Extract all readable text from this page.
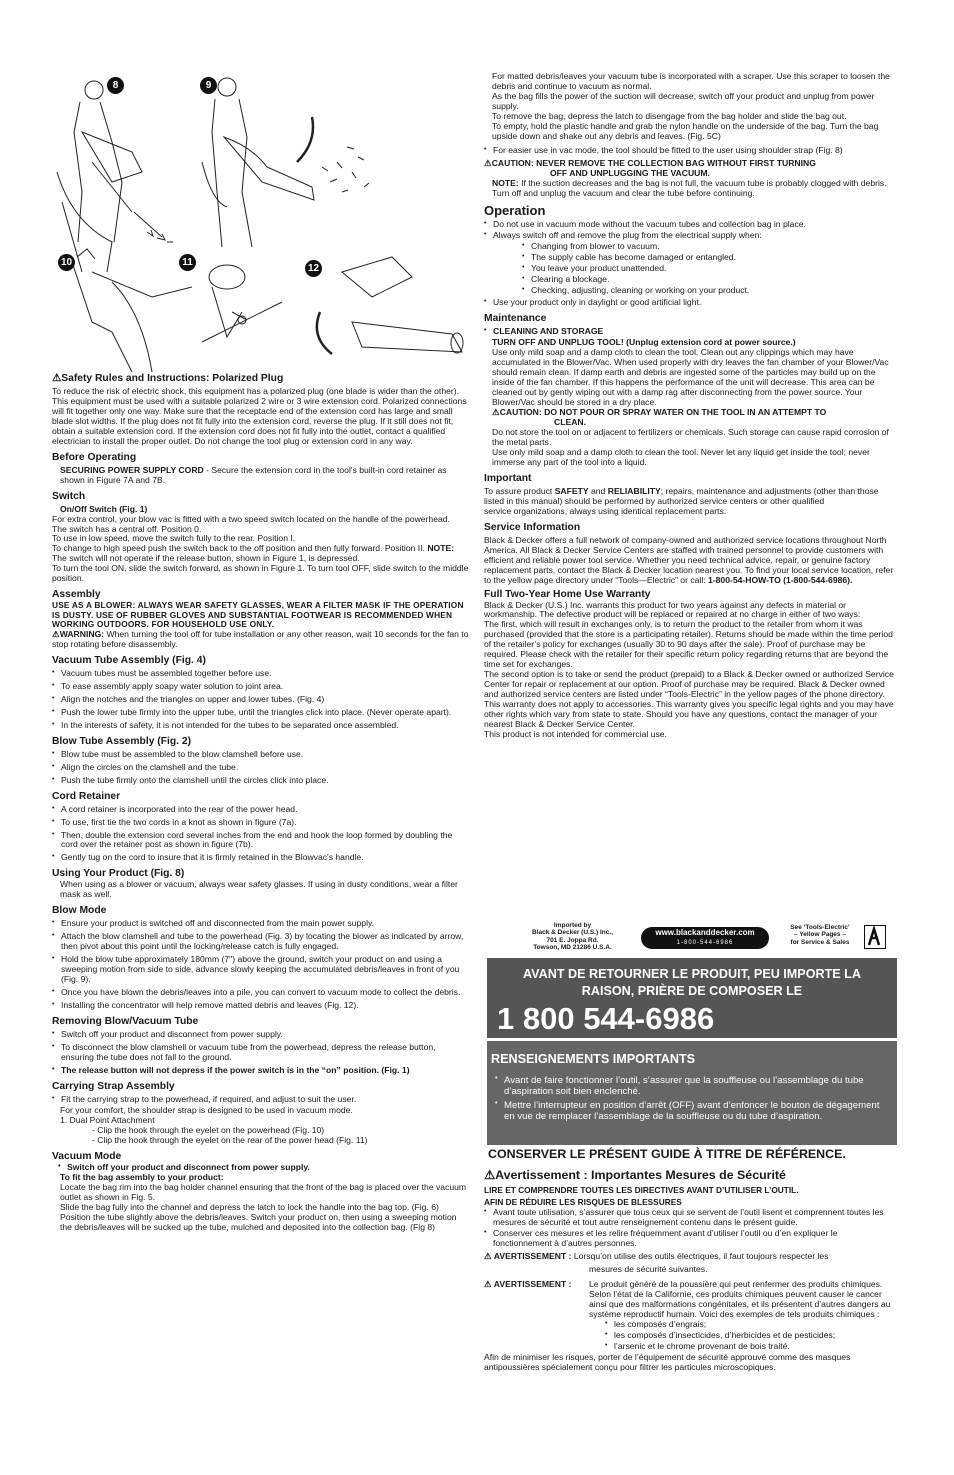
8	9
10	11
12
⚠Safety Rules and Instructions: Polarized Plug

To reduce the risk of electric shock, this equipment has a polarized plug (one blade is wider than the other). This equipment must be used with a suitable polarized 2 wire or 3 wire extension cord. Polarized connections will fit together only one way. Make sure that the receptacle end of the extension cord has large and small blade slot widths. If the plug does not fit fully into the extension cord, reverse the plug. If it still does not fit, obtain a suitable extension cord. If the extension cord does not fit fully into the outlet, contact a qualified electrician to install the proper outlet. Do not change the tool plug or extension cord in any way.

Before Operating

SECURING POWER SUPPLY CORD - Secure the extension cord in the tool's built-in cord retainer as shown in Figure 7A and 7B.

Switch

On/Off Switch (Fig. 1)

For extra control, your blow vac is fitted with a two speed switch located on the handle of the powerhead.

The switch has a central off. Position 0.

To use in low speed, move the switch fully to the rear. Position I.

To change to high speed push the switch back to the off position and then fully forward. Position II. NOTE: The switch will not operate if the release button, shown in Figure 1, is depressed.

To turn the tool ON, slide the switch forward, as shown in Figure 1. To turn tool OFF, slide switch to the middle position.

Assembly

USE AS A BLOWER: ALWAYS WEAR SAFETY GLASSES, WEAR A FILTER MASK IF THE OPERATION IS DUSTY. USE OF RUBBER GLOVES AND SUBSTANTIAL FOOTWEAR IS RECOMMENDED WHEN WORKING OUTDOORS. FOR HOUSEHOLD USE ONLY.

⚠WARNING: When turning the tool off for tube installation or any other reason, wait 10 seconds for the fan to stop rotating before disassembly.

Vacuum Tube Assembly (Fig. 4)
• Vacuum tubes must be assembled together before use.
• To ease assembly apply soapy water solution to joint area.
• Align the notches and the triangles on upper and lower tubes. (Fig. 4)
• Push the lower tube firmly into the upper tube, until the triangles click into place. (Never operate apart).
• In the interests of safety, it is not intended for the tubes to be separated once assembled.
Blow Tube Assembly (Fig. 2)
• Blow tube must be assembled to the blow clamshell before use.
• Align the circles on the clamshell and the tube.
• Push the tube firmly onto the clamshell until the circles click into place.
Cord Retainer
• A cord retainer is incorporated into the rear of the power head.
• To use, first tie the two cords in a knot as shown in figure (7a).
• Then, double the extension cord several inches from the end and hook the loop formed by doubling the cord over the retainer post as shown in figure (7b).
• Gently tug on the cord to insure that it is firmly retained in the Blowvac's handle.
Using Your Product (Fig. 8)

When using as a blower or vacuum, always wear safety glasses. If using in dusty conditions, wear a filter mask as well.

Blow Mode
• Ensure your product is switched off and disconnected from the main power supply.
• Attach the blow clamshell and tube to the powerhead (Fig. 3) by locating the blower as indicated by arrow, then pivot about this point until the locking/release catch is fully engaged.
• Hold the blow tube approximately 180mm (7") above the ground, switch your product on and using a sweeping motion from side to side, advance slowly keeping the accumulated debris/leaves in front of you (Fig. 9).
• Once you have blown the debris/leaves into a pile, you can convert to vacuum mode to collect the debris.
• Installing the concentrator will help remove matted debris and leaves (Fig. 12).
Removing Blow/Vacuum Tube
• Switch off your product and disconnect from power supply.
• To disconnect the blow clamshell or vacuum tube from the powerhead, depress the release button, ensuring the tube does not fall to the ground.
• The release button will not depress if the power switch is in the “on” position. (Fig. 1)
Carrying Strap Assembly
• Fit the carrying strap to the powerhead, if required, and adjust to suit the user.

For your comfort, the shoulder strap is designed to be used in vacuum mode.

1. Dual Point Attachment

- Clip the hook through the eyelet on the powerhead (Fig. 10)

- Clip the hook through the eyelet on the rear of the power head (Fig. 11)

Vacuum Mode
• Switch off your product and disconnect from power supply.

To fit the bag assembly to your product:

Locate the bag rim into the bag holder channel ensuring that the front of the bag is placed over the vacuum outlet as shown in Fig. 5.

Slide the bag fully into the channel and depress the latch to lock the handle into the bag top. (Fig. 6)

Position the tube slightly above the debris/leaves. Switch your product on, then using a sweeping motion the debris/leaves will be sucked up the tube, mulched and deposited into the collection bag. (Fig 8)

For matted debris/leaves your vacuum tube is incorporated with a scraper. Use this scraper to loosen the debris and continue to vacuum as normal.

As the bag fills the power of the suction will decrease, switch off your product and unplug from power supply.

To remove the bag, depress the latch to disengage from the bag holder and slide the bag out.

To empty, hold the plastic handle and grab the nylon handle on the underside of the bag. Turn the bag upside down and shake out any debris and leaves. (Fig. 5C)

• For easier use in vac mode, the tool should be fitted to the user using shoulder strap (Fig. 8)

⚠CAUTION: NEVER REMOVE THE COLLECTION BAG WITHOUT FIRST TURNING

OFF AND UNPLUGGING THE VACUUM.

NOTE: If the suction decreases and the bag is not full, the vacuum tube is probably clogged with debris. Turn off and unplug the vacuum and clear the tube before continuing.

Operation
• Do not use in vacuum mode without the vacuum tubes and collection bag in place.
• Always switch off and remove the plug from the electrical supply when:
• Changing from blower to vacuum.
• The supply cable has become damaged or entangled.
• You leave your product unattended.
• Clearing a blockage.
• Checking, adjusting, cleaning or working on your product.
• Use your product only in daylight or good artificial light.
Maintenance
• CLEANING AND STORAGE

TURN OFF AND UNPLUG TOOL! (Unplug extension cord at power source.)

Use only mild soap and a damp cloth to clean the tool. Clean out any clippings which may have accumulated in the Blower/Vac. When used properly with dry leaves the fan chamber of your Blower/Vac should remain clean. If damp earth and debris are ingested some of the particles may build up on the inside of the fan chamber. If this happens the performance of the unit will decrease. This area can be cleaned out by gently wiping out with a damp rag after disconnecting from the power source. Your Blower/Vac should be stored in a dry place.

⚠CAUTION: DO NOT POUR OR SPRAY WATER ON THE TOOL IN AN ATTEMPT TO

CLEAN.

Do not store the tool on or adjacent to fertilizers or chemicals. Such storage can cause rapid corrosion of the metal parts.

Use only mild soap and a damp cloth to clean the tool. Never let any liquid get inside the tool; never immerse any part of the tool into a liquid.

Important

To assure product SAFETY and RELIABILITY; repairs, maintenance and adjustments (other than those listed in this manual) should be performed by authorized service centers or other qualified

service organizations, always using identical replacement parts.

Service Information

Black & Decker offers a full network of company-owned and authorized service locations throughout North America. All Black & Decker Service Centers are staffed with trained personnel to provide customers with efficient and reliable power tool service. Whether you need technical advice, repair, or genuine factory replacement parts, contact the Black & Decker location nearest you. To find your local service location, refer to the yellow page directory under “Tools—Electric” or call: 1-800-54-HOW-TO (1-800-544-6986).

Full Two-Year Home Use Warranty

Black & Decker (U.S.) Inc. warrants this product for two years against any defects in material or workmanship. The defective product will be replaced or repaired at no charge in either of two ways:

The first, which will result in exchanges only, is to return the product to the retailer from whom it was purchased (provided that the store is a participating retailer). Returns should be made within the time period of the retailer’s policy for exchanges (usually 30 to 90 days after the sale). Proof of purchase may be required. Please check with the retailer for their specific return policy regarding returns that are beyond the time set for exchanges.

The second option is to take or send the product (prepaid) to a Black & Decker owned or authorized Service Center for repair or replacement at our option. Proof of purchase may be required. Black & Decker owned and authorized service centers are listed under “Tools-Electric” in the yellow pages of the phone directory.

This warranty does not apply to accessories. This warranty gives you specific legal rights and you may have other rights which vary from state to state. Should you have any questions, contact the manager of your nearest Black & Decker Service Center.

This product is not intended for commercial use.

Imported by
Black & Decker (U.S.) Inc.,
701 E. Joppa Rd.
Towson, MD 21286 U.S.A.
www.blackanddecker.com
1-800-544-6986
See ‘Tools-Electric’
– Yellow Pages –
for Service & Sales
AVANT DE RETOURNER LE PRODUIT, PEU IMPORTE LA
RAISON, PRIÈRE DE COMPOSER LE
1 800 544-6986
RENSEIGNEMENTS IMPORTANTS
• Avant de faire fonctionner l’outil, s’assurer que la souffleuse ou l’assemblage du tube d’aspiration soit bien enclenché.
• Mettre l’interrupteur en position d’arrêt (OFF) avant d’enfoncer le bouton de dégagement en vue de remplacer l’assemblage de la souffleuse ou du tube d’aspiration.
CONSERVER LE PRÉSENT GUIDE À TITRE DE RÉFÉRENCE.
⚠Avertissement : Importantes Mesures de Sécurité
LIRE ET COMPRENDRE TOUTES LES DIRECTIVES AVANT D’UTILISER L’OUTIL.
AFIN DE RÉDUIRE LES RISQUES DE BLESSURES
• Avant toute utilisation, s’assurer que tous ceux qui se servent de l’outil lisent et comprennent toutes les mesures de sécurité et tout autre renseignement contenu dans le présent guide.
• Conserver ces mesures et les relire fréquemment avant d’utiliser l’outil ou d’en expliquer le fonctionnement à d’autres personnes.

⚠ AVERTISSEMENT : Lorsqu’on utilise des outils électriques, il faut toujours respecter les

mesures de sécurité suivantes.

⚠ AVERTISSEMENT :	Le produit généré de la poussière qui peut renfermer des produits chimiques.

Selon l’état de la Californie, ces produits chimiques peuvent causer le cancer ainsi que des malformations congénitales, et ils présentent d’autres dangers au système reproductif humain. Voici des exemples de tels produits chimiques :

• les composés d’engrais;
• les composés d’insecticides, d’herbicides et de pesticides;
• l’arsenic et le chrome provenant de bois traité.

Afin de minimiser les risques, porter de l’équipement de sécurité approuvé comme des masques antipoussières spécialement conçu pour filtrer les particules microscopiques.
